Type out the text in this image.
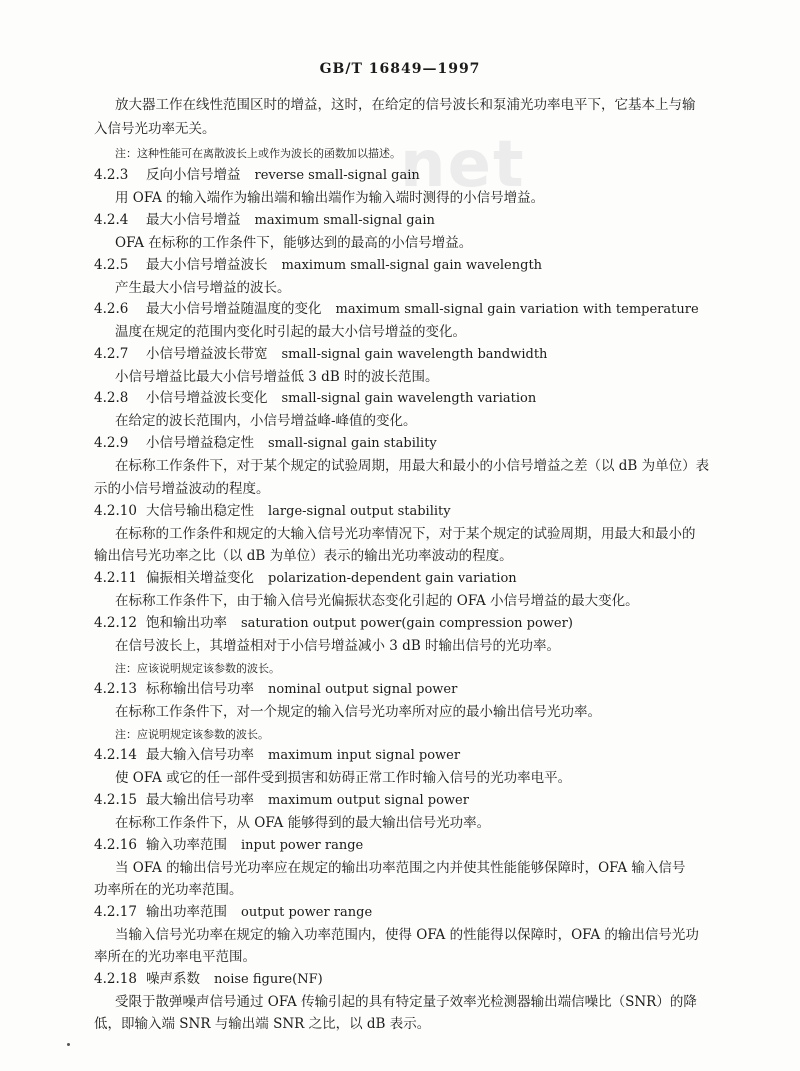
GB/T 16849—1997
net
放大器工作在线性范围区时的增益，这时，在给定的信号波长和泵浦光功率电平下，它基本上与输
入信号光功率无关。
注：这种性能可在离散波长上或作为波长的函数加以描述。
4.2.3 反向小信号增益 reverse small-signal gain
用 OFA 的输入端作为输出端和输出端作为输入端时测得的小信号增益。
4.2.4 最大小信号增益 maximum small-signal gain
OFA 在标称的工作条件下，能够达到的最高的小信号增益。
4.2.5 最大小信号增益波长 maximum small-signal gain wavelength
产生最大小信号增益的波长。
4.2.6 最大小信号增益随温度的变化 maximum small-signal gain variation with temperature
温度在规定的范围内变化时引起的最大小信号增益的变化。
4.2.7 小信号增益波长带宽 small-signal gain wavelength bandwidth
小信号增益比最大小信号增益低 3 dB 时的波长范围。
4.2.8 小信号增益波长变化 small-signal gain wavelength variation
在给定的波长范围内，小信号增益峰-峰值的变化。
4.2.9 小信号增益稳定性 small-signal gain stability
在标称工作条件下，对于某个规定的试验周期，用最大和最小的小信号增益之差（以 dB 为单位）表
示的小信号增益波动的程度。
4.2.10 大信号输出稳定性 large-signal output stability
在标称的工作条件和规定的大输入信号光功率情况下，对于某个规定的试验周期，用最大和最小的
输出信号光功率之比（以 dB 为单位）表示的输出光功率波动的程度。
4.2.11 偏振相关增益变化 polarization-dependent gain variation
在标称工作条件下，由于输入信号光偏振状态变化引起的 OFA 小信号增益的最大变化。
4.2.12 饱和输出功率 saturation output power(gain compression power)
在信号波长上，其增益相对于小信号增益减小 3 dB 时输出信号的光功率。
注：应该说明规定该参数的波长。
4.2.13 标称输出信号功率 nominal output signal power
在标称工作条件下，对一个规定的输入信号光功率所对应的最小输出信号光功率。
注：应说明规定该参数的波长。
4.2.14 最大输入信号功率 maximum input signal power
使 OFA 或它的任一部件受到损害和妨碍正常工作时输入信号的光功率电平。
4.2.15 最大输出信号功率 maximum output signal power
在标称工作条件下，从 OFA 能够得到的最大输出信号光功率。
4.2.16 输入功率范围 input power range
当 OFA 的输出信号光功率应在规定的输出功率范围之内并使其性能能够保障时，OFA 输入信号
功率所在的光功率范围。
4.2.17 输出功率范围 output power range
当输入信号光功率在规定的输入功率范围内，使得 OFA 的性能得以保障时，OFA 的输出信号光功
率所在的光功率电平范围。
4.2.18 噪声系数 noise figure(NF)
受限于散弹噪声信号通过 OFA 传输引起的具有特定量子效率光检测器输出端信噪比（SNR）的降
低，即输入端 SNR 与输出端 SNR 之比，以 dB 表示。
